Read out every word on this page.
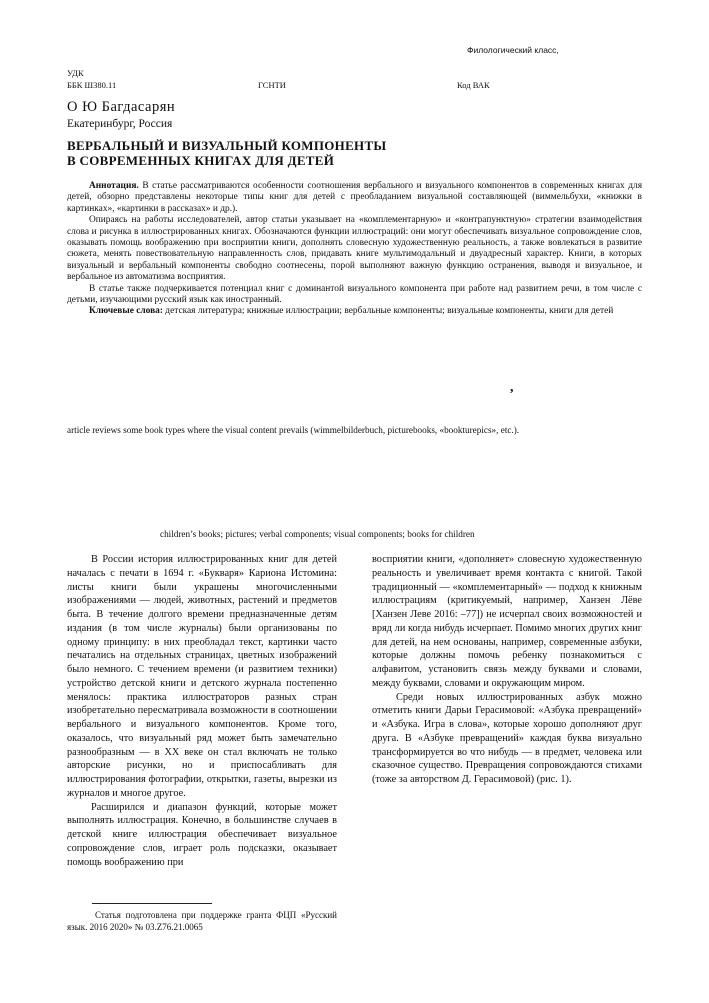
Филологический класс,
УДК
ББК Ш380.11	ГСНТИ	Код ВАК
О Ю Багдасарян
Екатеринбург, Россия
ВЕРБАЛЬНЫЙ И ВИЗУАЛЬНЫЙ КОМПОНЕНТЫ
В СОВРЕМЕННЫХ КНИГАХ ДЛЯ ДЕТЕЙ

Аннотация. В статье рассматриваются особенности соотношения вербального и визуального компонентов в современных книгах для детей, обзорно представлены некоторые типы книг для детей с преобладанием визуальной составляющей (виммельбухи, «книжки в картинках», «картинки в рассказах» и др.).

Опираясь на работы исследователей, автор статьи указывает на «комплементарную» и «контрапунктную» стратегии взаимодействия слова и рисунка в иллюстрированных книгах. Обозначаются функции иллюстраций: они могут обеспечивать визуальное сопровождение слов, оказывать помощь воображению при восприятии книги, дополнять словесную художественную реальность, а также вовлекаться в развитие сюжета, менять повествовательную направленность слов, придавать книге мультимодальный и двуадресный характер. Книги, в которых визуальный и вербальный компоненты свободно соотнесены, порой выполняют важную функцию остранения, выводя и визуальное, и вербальное из автоматизма восприятия.

В статье также подчеркивается потенциал книг с доминантой визуального компонента при работе над развитием речи, в том числе с детьми, изучающими русский язык как иностранный.

Ключевые слова: детская литература; книжные иллюстрации; вербальные компоненты; визуальные компоненты, книги для детей

,
article reviews some book types where the visual content prevails (wimmelbilderbuch, picturebooks, «bookturepics», etc.).
children’s books; pictures; verbal components; visual components; books for children

В России история иллюстрированных книг для детей началась с печати в 1694 г. «Букваря» Кариона Истомина: листы книги были украшены многочисленными изображениями — людей, животных, растений и предметов быта. В течение долгого времени предназначенные детям издания (в том числе журналы) были организованы по одному принципу: в них преобладал текст, картинки часто печатались на отдельных страницах, цветных изображений было немного. С течением времени (и развитием техники) устройство детской книги и детского журнала постепенно менялось: практика иллюстраторов разных стран изобретательно пересматривала возможности в соотношении вербального и визуального компонентов. Кроме того, оказалось, что визуальный ряд может быть замечательно разнообразным — в XX веке он стал включать не только авторские рисунки, но и приспосабливать для иллюстрирования фотографии, открытки, газеты, вырезки из журналов и многое другое.

Расширился и диапазон функций, которые может выполнять иллюстрация. Конечно, в большинстве случаев в детской книге иллюстрация обеспечивает визуальное сопровождение слов, играет роль подсказки, оказывает помощь воображению при

восприятии книги, «дополняет» словесную художественную реальность и увеличивает время контакта с книгой. Такой традиционный — «комплементарный» — подход к книжным иллюстрациям (критикуемый, например, Ханзен Лёве [Ханзен Леве 2016: –77]) не исчерпал своих возможностей и вряд ли когда нибудь исчерпает. Помимо многих других книг для детей, на нем основаны, например, современные азбуки, которые должны помочь ребенку познакомиться с алфавитом, установить связь между буквами и словами, между буквами, словами и окружающим миром.

Среди новых иллюстрированных азбук можно отметить книги Дарьи Герасимовой: «Азбука превращений» и «Азбука. Игра в слова», которые хорошо дополняют друг друга. В «Азбуке превращений» каждая буква визуально трансформируется во что нибудь — в предмет, человека или сказочное существо. Превращения сопровождаются стихами (тоже за авторством Д. Герасимовой) (рис. 1).

Статья подготовлена при поддержке гранта ФЦП «Русский язык. 2016 2020» № 03.Z76.21.0065
